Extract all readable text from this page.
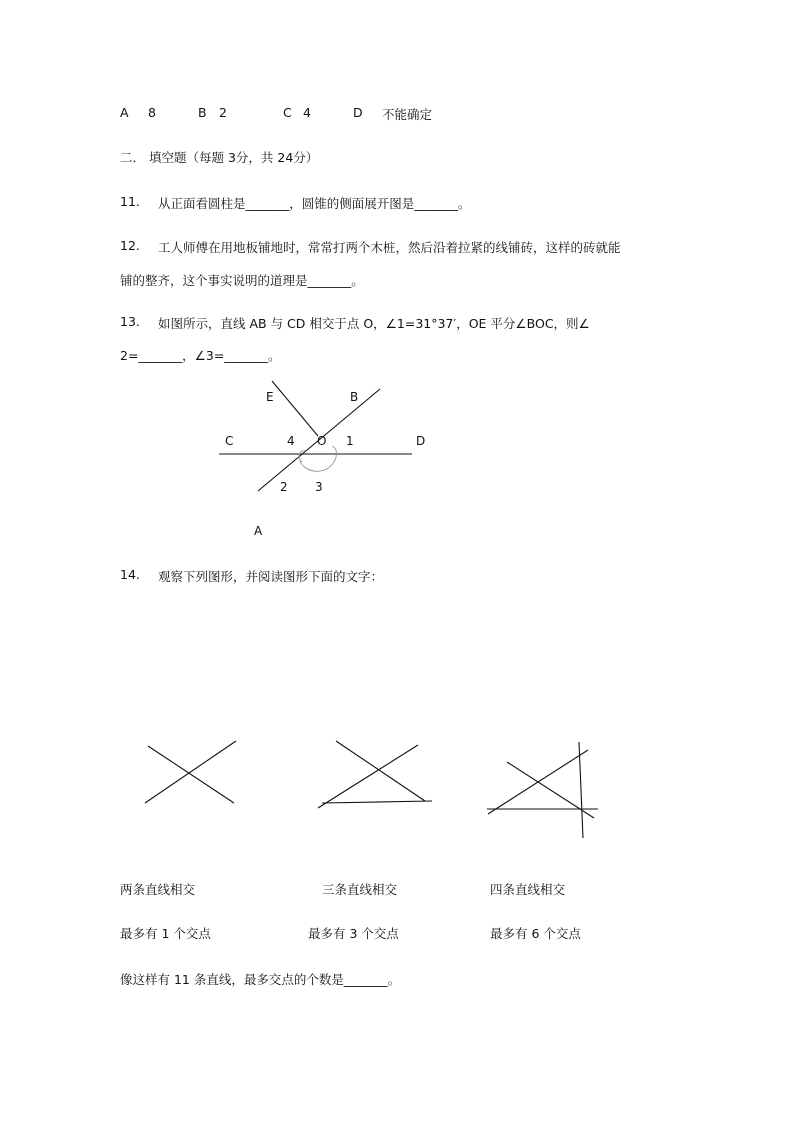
A 8	B 2	C 4	D 不能确定
二． 填空题（每题 3分，共 24分）
11. 从正面看圆柱是_______，圆锥的侧面展开图是_______。
12. 工人师傅在用地板铺地时，常常打两个木桩，然后沿着拉紧的线铺砖，这样的砖就能
铺的整齐，这个事实说明的道理是_______。
13. 如图所示，直线 AB 与 CD 相交于点 O，∠1=31°37′，OE 平分∠BOC，则∠
2=_______，∠3=_______。
E	B
C	4 O 1	D
2 3
A
14. 观察下列图形，并阅读图形下面的文字：
两条直线相交	三条直线相交	四条直线相交
最多有 1 个交点	最多有 3 个交点	最多有 6 个交点
像这样有 11 条直线，最多交点的个数是_______。
